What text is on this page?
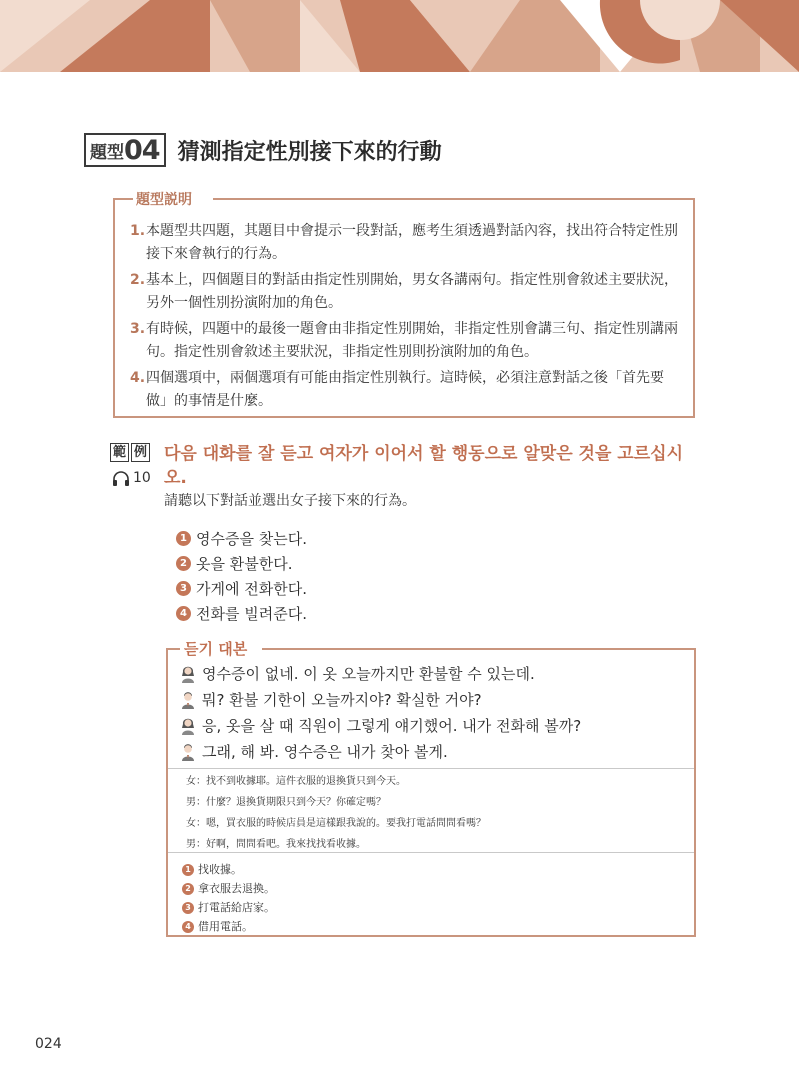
題型 04 猜測指定性別接下來的行動
題型説明
1. 本題型共四題，其題目中會提示一段對話，應考生須透過對話內容，找出符合特定性別接下來會執行的行為。
2. 基本上，四個題目的對話由指定性別開始，男女各講兩句。指定性別會敘述主要狀況，另外一個性別扮演附加的角色。
3. 有時候，四題中的最後一題會由非指定性別開始，非指定性別會講三句、指定性別講兩句。指定性別會敘述主要狀況，非指定性別則扮演附加的角色。
4. 四個選項中，兩個選項有可能由指定性別執行。這時候，必須注意對話之後「首先要做」的事情是什麼。
範 例
10
다음 대화를 잘 듣고 여자가 이어서 할 행동으로 알맞은 것을 고르십시오.
請聽以下對話並選出女子接下來的行為。
1 영수증을 찾는다.
2 옷을 환불한다.
3 가게에 전화한다.
4 전화를 빌려준다.
듣기 대본
영수증이 없네. 이 옷 오늘까지만 환불할 수 있는데.
뭐? 환불 기한이 오늘까지야? 확실한 거야?
응, 옷을 살 때 직원이 그렇게 얘기했어. 내가 전화해 볼까?
그래, 해 봐. 영수증은 내가 찾아 볼게.
女：找不到收據耶。這件衣服的退換貨只到今天。
男：什麼？退換貨期限只到今天？你確定嗎？
女：嗯，買衣服的時候店員是這樣跟我說的。要我打電話問問看嗎？
男：好啊，問問看吧。我來找找看收據。
1 找收據。
2 拿衣服去退換。
3 打電話給店家。
4 借用電話。
024
